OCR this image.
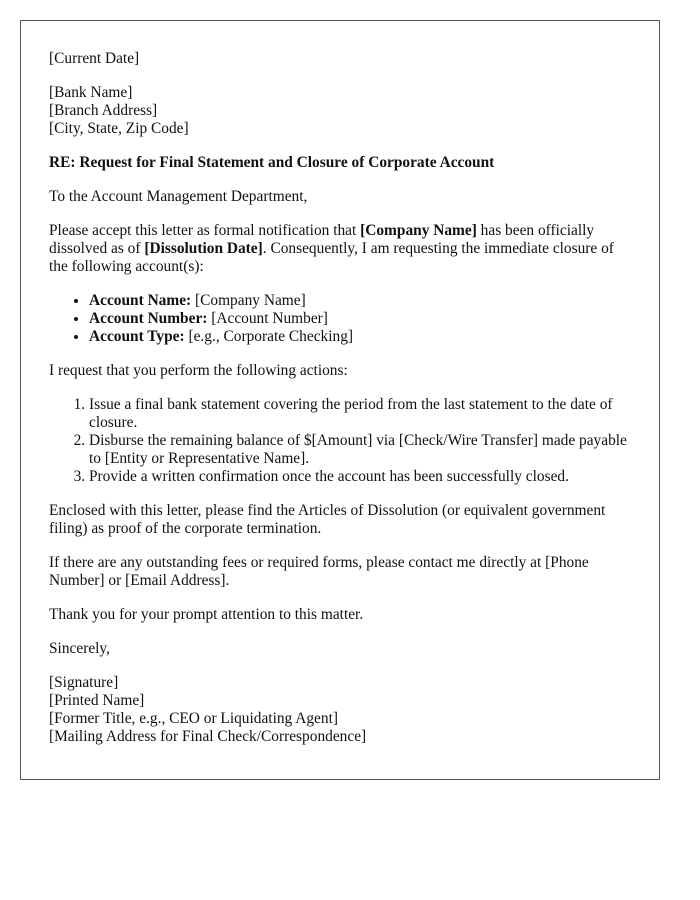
[Current Date]

[Bank Name]
[Branch Address]
[City, State, Zip Code]

RE: Request for Final Statement and Closure of Corporate Account

To the Account Management Department,

Please accept this letter as formal notification that [Company Name] has been officially dissolved as of [Dissolution Date]. Consequently, I am requesting the immediate closure of the following account(s):

• Account Name: [Company Name]
• Account Number: [Account Number]
• Account Type: [e.g., Corporate Checking]

I request that you perform the following actions:

1. Issue a final bank statement covering the period from the last statement to the date of closure.
2. Disburse the remaining balance of $[Amount] via [Check/Wire Transfer] made payable to [Entity or Representative Name].
3. Provide a written confirmation once the account has been successfully closed.

Enclosed with this letter, please find the Articles of Dissolution (or equivalent government filing) as proof of the corporate termination.

If there are any outstanding fees or required forms, please contact me directly at [Phone Number] or [Email Address].

Thank you for your prompt attention to this matter.

Sincerely,

[Signature]
[Printed Name]
[Former Title, e.g., CEO or Liquidating Agent]
[Mailing Address for Final Check/Correspondence]
